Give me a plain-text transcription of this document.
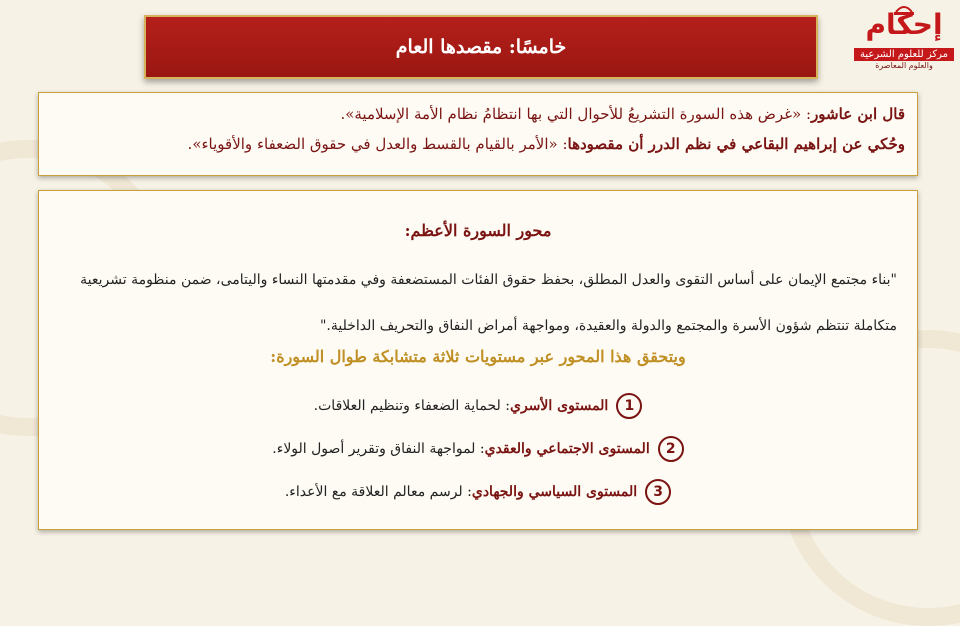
خامسًا: مقصدها العام
إحكام
مركز للعلوم الشرعية
والعلوم المعاصرة
قال ابن عاشور: «غرض هذه السورة التشريعُ للأحوال التي بها انتظامُ نظام الأمة الإسلامية».
وحُكي عن إبراهيم البقاعي في نظم الدرر أن مقصودها: «الأمر بالقيام بالقسط والعدل في حقوق الضعفاء والأقوياء».
محور السورة الأعظم:
"بناء مجتمع الإيمان على أساس التقوى والعدل المطلق، بحفظ حقوق الفئات المستضعفة وفي مقدمتها النساء واليتامى، ضمن منظومة تشريعية متكاملة تنتظم شؤون الأسرة والمجتمع والدولة والعقيدة، ومواجهة أمراض النفاق والتحريف الداخلية."
ويتحقق هذا المحور عبر مستويات ثلاثة متشابكة طوال السورة:
1
المستوى الأسري: لحماية الضعفاء وتنظيم العلاقات.
2
المستوى الاجتماعي والعقدي: لمواجهة النفاق وتقرير أصول الولاء.
3
المستوى السياسي والجهادي: لرسم معالم العلاقة مع الأعداء.
